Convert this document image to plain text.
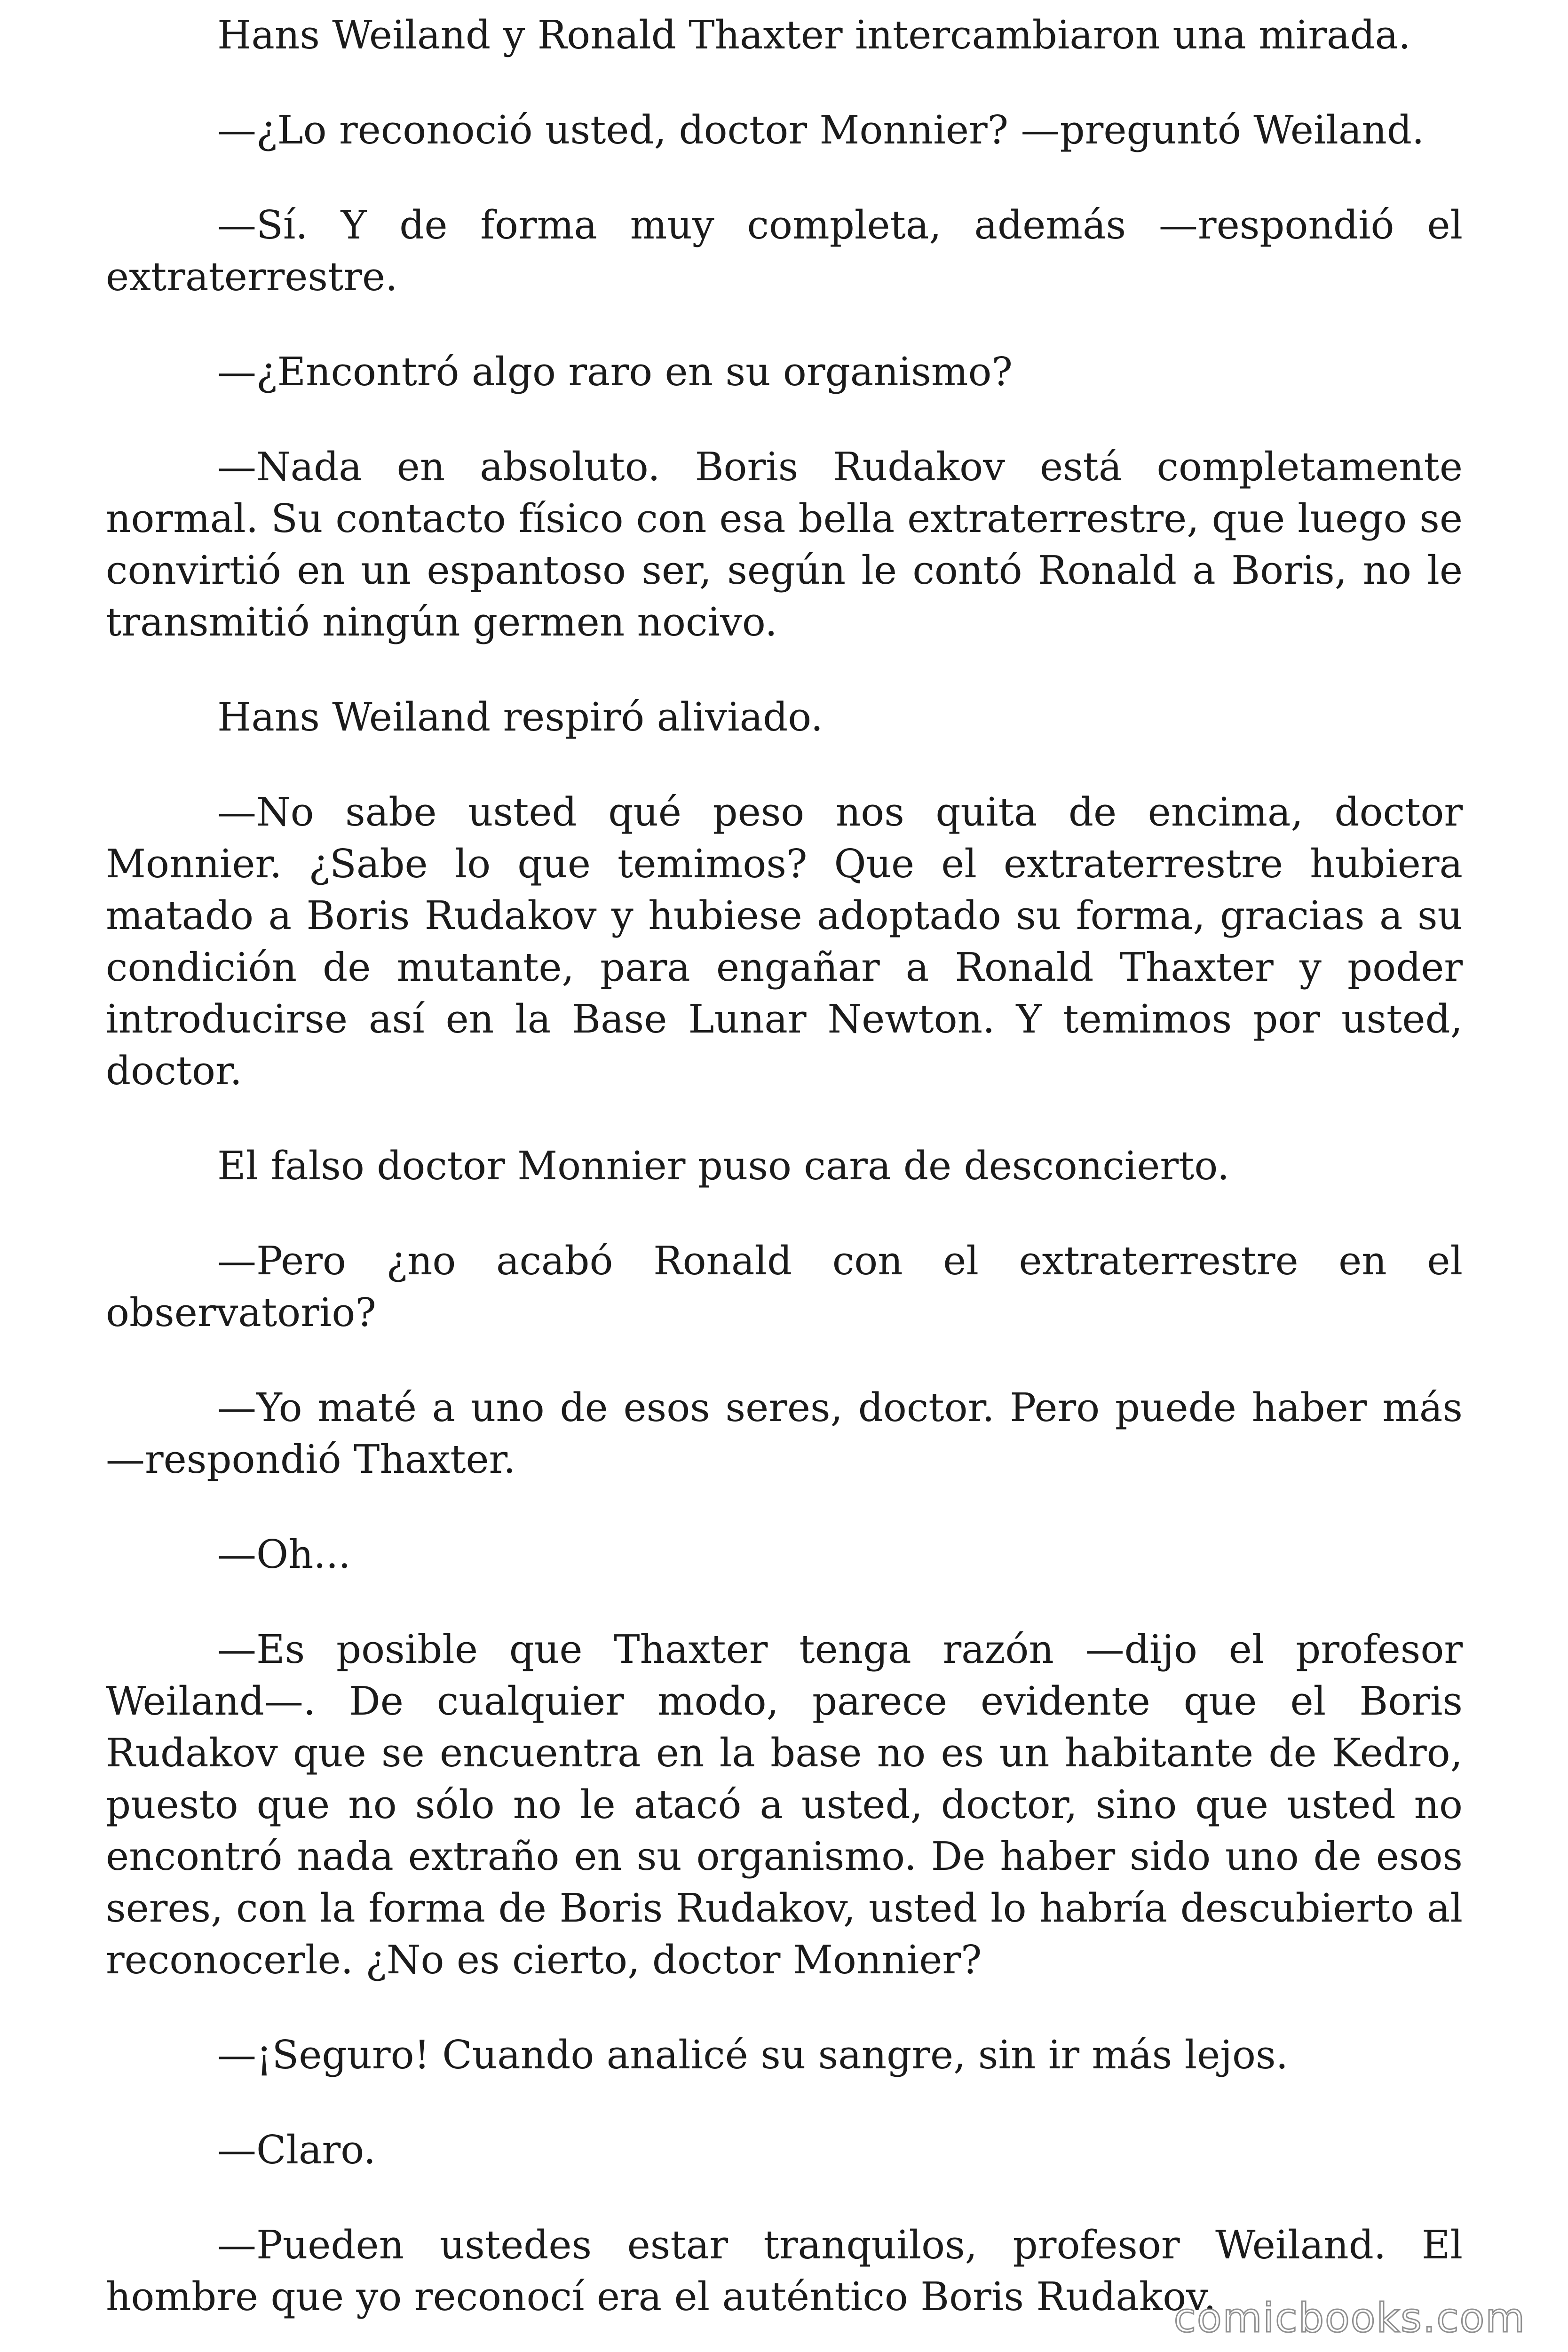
Hans Weiland y Ronald Thaxter intercambiaron una mirada.

—¿Lo reconoció usted, doctor Monnier? —preguntó Weiland.

—Sí. Y de forma muy completa, además —respondió el extraterrestre.

—¿Encontró algo raro en su organismo?

—Nada en absoluto. Boris Rudakov está completamente normal. Su contacto físico con esa bella extraterrestre, que luego se convirtió en un espantoso ser, según le contó Ronald a Boris, no le transmitió ningún germen nocivo.

Hans Weiland respiró aliviado.

—No sabe usted qué peso nos quita de encima, doctor Monnier. ¿Sabe lo que temimos? Que el extraterrestre hubiera matado a Boris Rudakov y hubiese adoptado su forma, gracias a su condición de mutante, para engañar a Ronald Thaxter y poder introducirse así en la Base Lunar Newton. Y temimos por usted, doctor.

El falso doctor Monnier puso cara de desconcierto.

—Pero ¿no acabó Ronald con el extraterrestre en el observatorio?

—Yo maté a uno de esos seres, doctor. Pero puede haber más —respondió Thaxter.

—Oh...

—Es posible que Thaxter tenga razón —dijo el profesor Weiland—. De cualquier modo, parece evidente que el Boris Rudakov que se encuentra en la base no es un habitante de Kedro, puesto que no sólo no le atacó a usted, doctor, sino que usted no encontró nada extraño en su organismo. De haber sido uno de esos seres, con la forma de Boris Rudakov, usted lo habría descubierto al reconocerle. ¿No es cierto, doctor Monnier?

—¡Seguro! Cuando analicé su sangre, sin ir más lejos.

—Claro.

—Pueden ustedes estar tranquilos, profesor Weiland. El hombre que yo reconocí era el auténtico Boris Rudakov.

comicbooks.com
